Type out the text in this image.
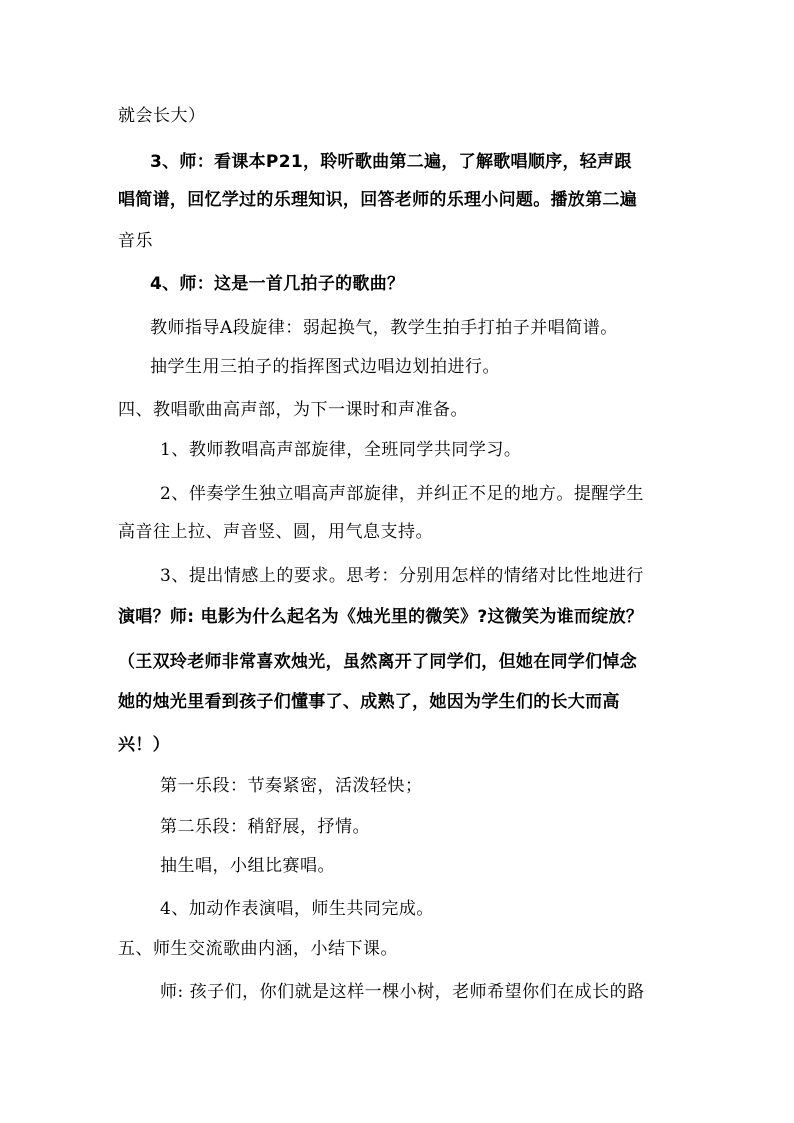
就会长大）
3、师：看课本P21，聆听歌曲第二遍，了解歌唱顺序，轻声跟
唱简谱，回忆学过的乐理知识，回答老师的乐理小问题。播放第二遍
音乐
4、师：这是一首几拍子的歌曲？
教师指导A段旋律：弱起换气，教学生拍手打拍子并唱简谱。
抽学生用三拍子的指挥图式边唱边划拍进行。
四、教唱歌曲高声部，为下一课时和声准备。
1、教师教唱高声部旋律，全班同学共同学习。
2、伴奏学生独立唱高声部旋律，并纠正不足的地方。提醒学生
高音往上拉、声音竖、圆，用气息支持。
3、提出情感上的要求。思考：分别用怎样的情绪对比性地进行
演唱？师: 电影为什么起名为《烛光里的微笑》?这微笑为谁而绽放？
（王双玲老师非常喜欢烛光，虽然离开了同学们，但她在同学们悼念
她的烛光里看到孩子们懂事了、成熟了，她因为学生们的长大而高
兴！）
第一乐段：节奏紧密，活泼轻快；
第二乐段：稍舒展，抒情。
抽生唱，小组比赛唱。
4、加动作表演唱，师生共同完成。
五、师生交流歌曲内涵，小结下课。
师: 孩子们，你们就是这样一棵小树，老师希望你们在成长的路
